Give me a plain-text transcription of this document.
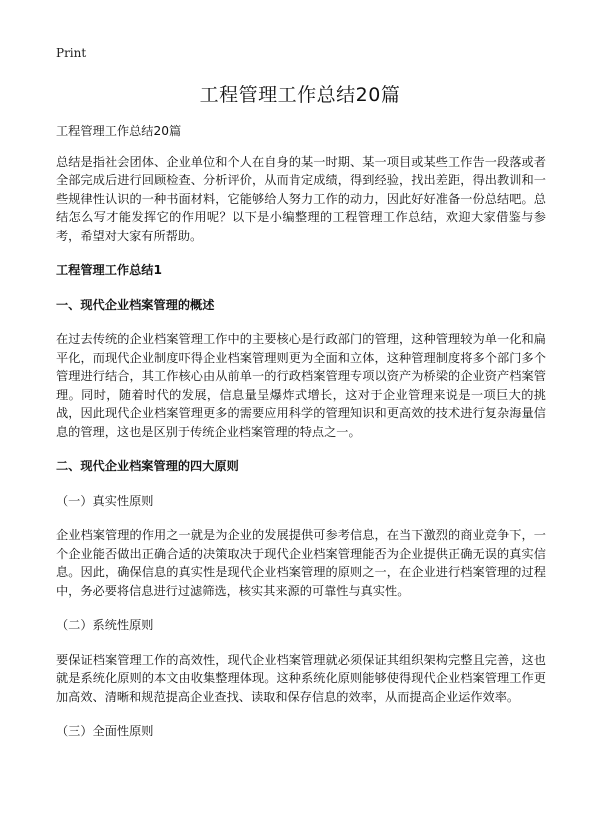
Print
工程管理工作总结20篇

工程管理工作总结20篇

总结是指社会团体、企业单位和个人在自身的某一时期、某一项目或某些工作告一段落或者全部完成后进行回顾检查、分析评价，从而肯定成绩，得到经验，找出差距，得出教训和一些规律性认识的一种书面材料，它能够给人努力工作的动力，因此好好准备一份总结吧。总结怎么写才能发挥它的作用呢？以下是小编整理的工程管理工作总结，欢迎大家借鉴与参考，希望对大家有所帮助。

工程管理工作总结1

一、现代企业档案管理的概述

在过去传统的企业档案管理工作中的主要核心是行政部门的管理，这种管理较为单一化和扁平化，而现代企业制度吓得企业档案管理则更为全面和立体，这种管理制度将多个部门多个管理进行结合，其工作核心由从前单一的行政档案管理专项以资产为桥梁的企业资产档案管理。同时，随着时代的发展，信息量呈爆炸式增长，这对于企业管理来说是一项巨大的挑战，因此现代企业档案管理更多的需要应用科学的管理知识和更高效的技术进行复杂海量信息的管理，这也是区别于传统企业档案管理的特点之一。

二、现代企业档案管理的四大原则

（一）真实性原则

企业档案管理的作用之一就是为企业的发展提供可参考信息，在当下激烈的商业竞争下，一个企业能否做出正确合适的决策取决于现代企业档案管理能否为企业提供正确无误的真实信息。因此，确保信息的真实性是现代企业档案管理的原则之一，在企业进行档案管理的过程中，务必要将信息进行过滤筛选，核实其来源的可靠性与真实性。

（二）系统性原则

要保证档案管理工作的高效性，现代企业档案管理就必须保证其组织架构完整且完善，这也就是系统化原则的本文由收集整理体现。这种系统化原则能够使得现代企业档案管理工作更加高效、清晰和规范提高企业查找、读取和保存信息的效率，从而提高企业运作效率。

（三）全面性原则
